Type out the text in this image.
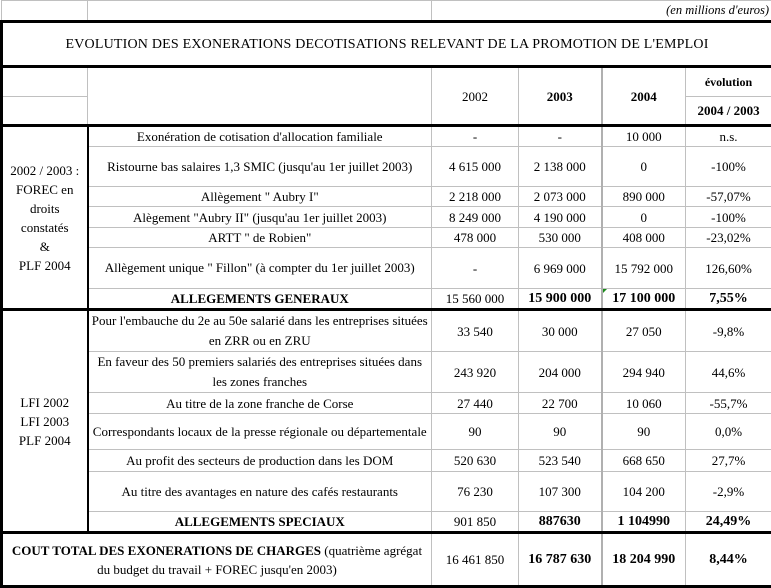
		(en millions d'euros)			
EVOLUTION DES EXONERATIONS DECOTISATIONS RELEVANT DE LA PROMOTION DE L'EMPLOI					
		2002	2003	2004	évolution
					2004 / 2003

2002 / 2003 :
FOREC en droits constatés
&
PLF 2004	Exonération de cotisation d'allocation familiale	-	-	10 000	n.s.
	Ristourne bas salaires 1,3 SMIC (jusqu'au 1er juillet 2003)	4 615 000	2 138 000	0	-100%
	Allègement " Aubry I"	2 218 000	2 073 000	890 000	-57,07%
	Alègement "Aubry II" (jusqu'au 1er juillet 2003)	8 249 000	4 190 000	0	-100%
	ARTT " de Robien"	478 000	530 000	408 000	-23,02%
	Allègement unique " Fillon" (à compter du 1er juillet 2003)	-	6 969 000	15 792 000	126,60%
	ALLEGEMENTS GENERAUX	15 560 000	15 900 000	17 100 000	7,55%

LFI 2002
LFI 2003
PLF 2004	Pour l'embauche du 2e au 50e salarié dans les entreprises situées en ZRR ou en ZRU	33 540	30 000	27 050	-9,8%
	En faveur des 50 premiers salariés des entreprises situées dans les zones franches	243 920	204 000	294 940	44,6%
	Au titre de la zone franche de Corse	27 440	22 700	10 060	-55,7%
	Correspondants locaux de la presse régionale ou départementale	90	90	90	0,0%
	Au profit des secteurs de production dans les DOM	520 630	523 540	668 650	27,7%
	Au titre des avantages en nature des cafés restaurants	76 230	107 300	104 200	-2,9%
	ALLEGEMENTS SPECIAUX	901 850	887630	1 104990	24,49%
COUT TOTAL DES EXONERATIONS DE CHARGES (quatrième agrégat du budget du travail + FOREC jusqu'en 2003)		16 461 850	16 787 630	18 204 990	8,44%
